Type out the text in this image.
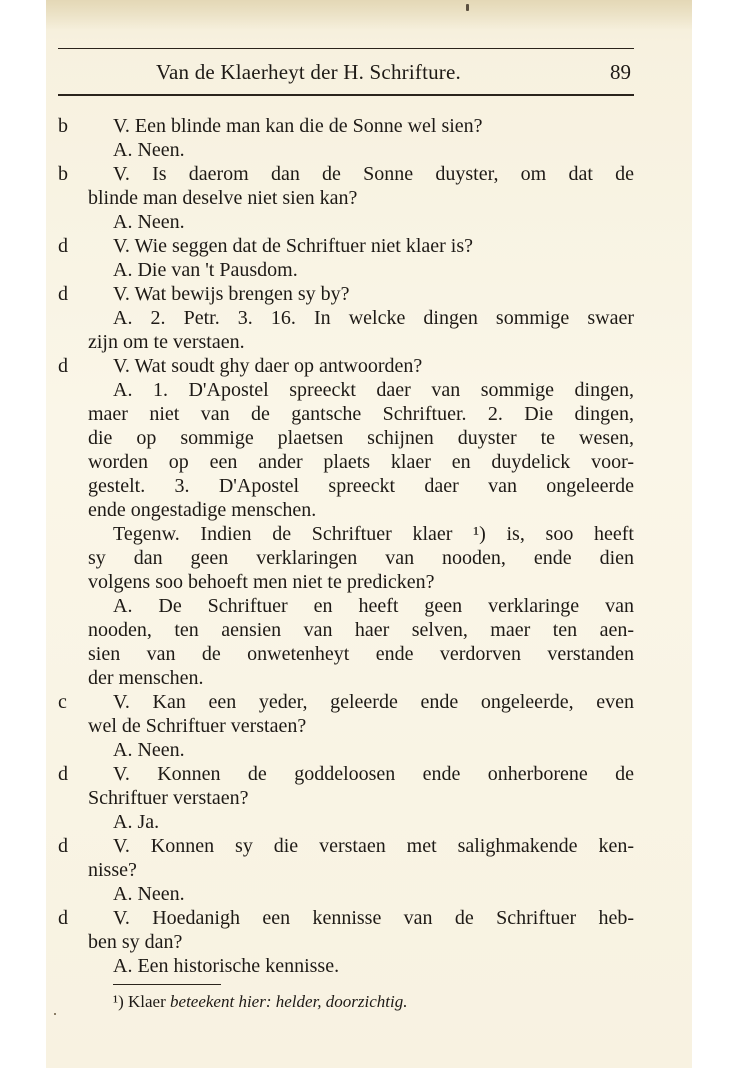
Van de Klaerheyt der H. Schrifture.	89
b V. Een blinde man kan die de Sonne wel sien?
A. Neen.
b V. Is daerom dan de Sonne duyster, om dat de
blinde man deselve niet sien kan?
A. Neen.
d V. Wie seggen dat de Schriftuer niet klaer is?
A. Die van 't Pausdom.
d V. Wat bewijs brengen sy by?
A. 2. Petr. 3. 16. In welcke dingen sommige swaer
zijn om te verstaen.
d V. Wat soudt ghy daer op antwoorden?
A. 1. D'Apostel spreeckt daer van sommige dingen,
maer niet van de gantsche Schriftuer. 2. Die dingen,
die op sommige plaetsen schijnen duyster te wesen,
worden op een ander plaets klaer en duydelick voor-
gestelt. 3. D'Apostel spreeckt daer van ongeleerde
ende ongestadige menschen.
Tegenw. Indien de Schriftuer klaer ¹) is, soo heeft
sy dan geen verklaringen van nooden, ende dien
volgens soo behoeft men niet te predicken?
A. De Schriftuer en heeft geen verklaringe van
nooden, ten aensien van haer selven, maer ten aen-
sien van de onwetenheyt ende verdorven verstanden
der menschen.
c V. Kan een yeder, geleerde ende ongeleerde, even
wel de Schriftuer verstaen?
A. Neen.
d V. Konnen de goddeloosen ende onherborene de
Schriftuer verstaen?
A. Ja.
d V. Konnen sy die verstaen met salighmakende ken-
nisse?
A. Neen.
d V. Hoedanigh een kennisse van de Schriftuer heb-
ben sy dan?
A. Een historische kennisse.
¹) Klaer beteekent hier: helder, doorzichtig.
